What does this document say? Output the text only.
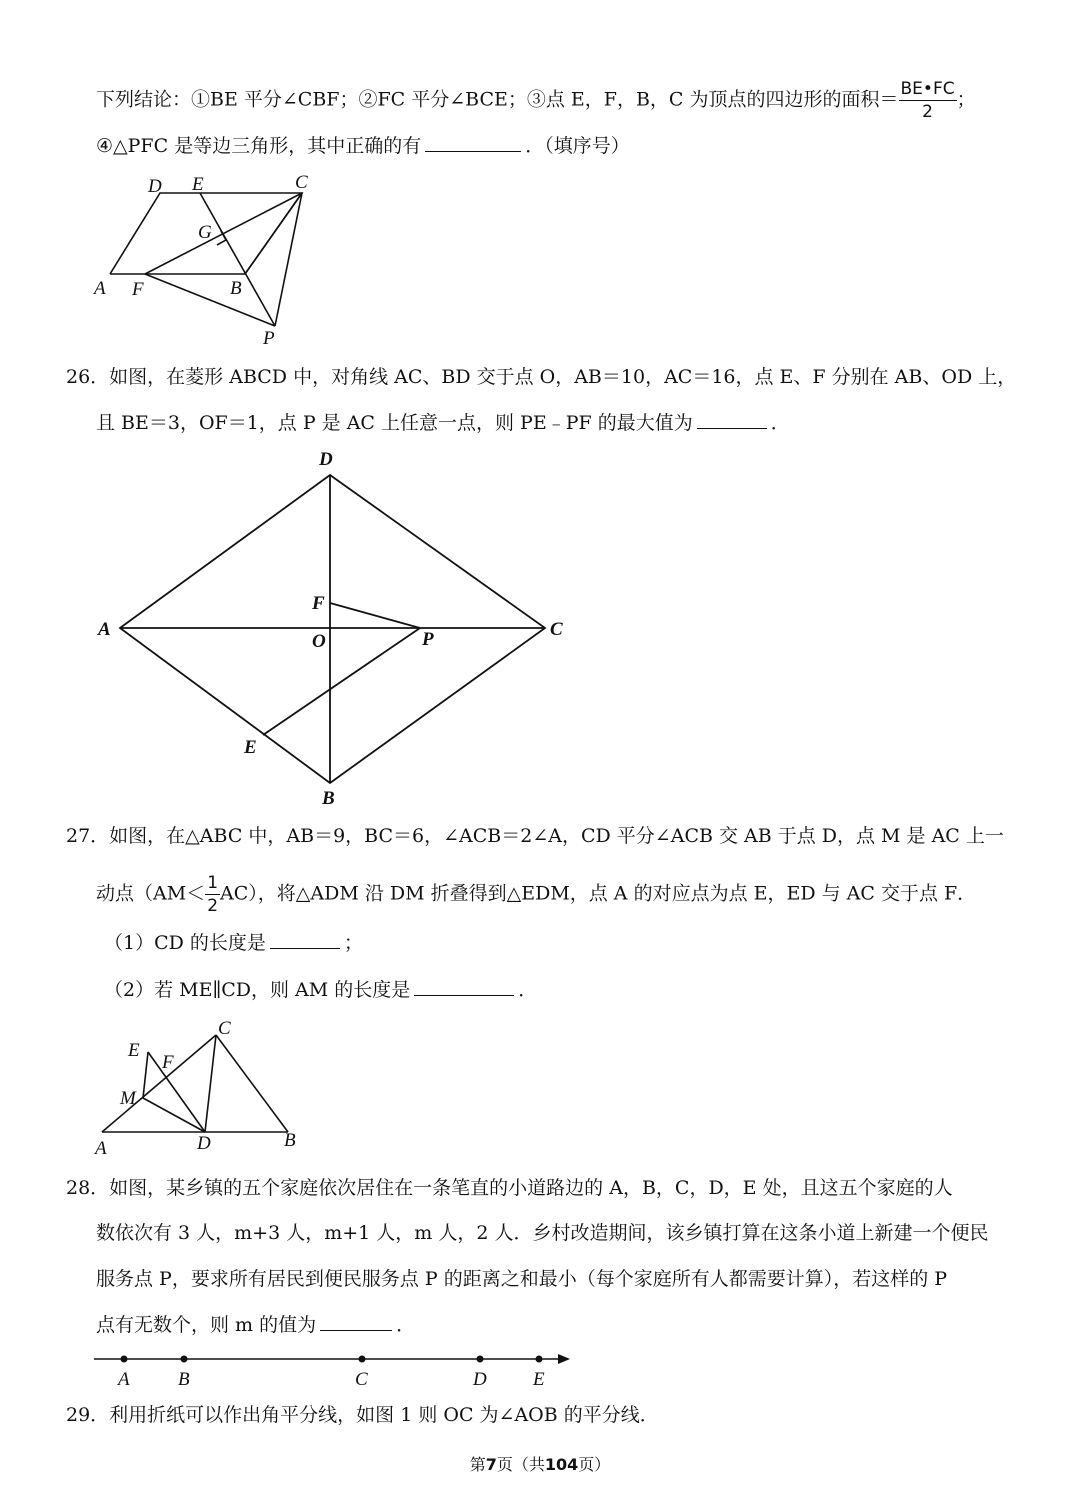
下列结论：①BE 平分∠CBF；②FC 平分∠BCE；③点 E，F，B，C 为顶点的四边形的面积＝ $\frac{BE•FC}{2}$ ；
④△PFC 是等边三角形，其中正确的有	．（填序号）
D E	C
G
A F	B
P
26．如图，在菱形 ABCD 中，对角线 AC、BD 交于点 O，AB＝10，AC＝16，点 E、F 分别在 AB、OD 上，
且 BE＝3，OF＝1，点 P 是 AC 上任意一点，则 PE﹣PF 的最大值为	．
D
A	C
F
O	P
E
B
27．如图，在△ABC 中，AB＝9，BC＝6，∠ACB＝2∠A，CD 平分∠ACB 交 AB 于点 D，点 M 是 AC 上一
动点$(AM< \frac{1}{2} AC)$，将△ADM 沿 DM 折叠得到△EDM，点 A 的对应点为点 E，ED 与 AC 交于点 F．
（1）CD 的长度是	；
（2）若 ME∥CD，则 AM 的长度是	．
C
E
F
M
A	D	B
28．如图，某乡镇的五个家庭依次居住在一条笔直的小道路边的 A，B，C，D，E 处，且这五个家庭的人
数依次有 3 人，m+3 人，m+1 人，m 人，2 人．乡村改造期间，该乡镇打算在这条小道上新建一个便民
服务点 P，要求所有居民到便民服务点 P 的距离之和最小（每个家庭所有人都需要计算），若这样的 P
点有无数个，则 m 的值为	．
A	B	C	D E
29．利用折纸可以作出角平分线，如图 1 则 OC 为∠AOB 的平分线．
第7页（共104页）
